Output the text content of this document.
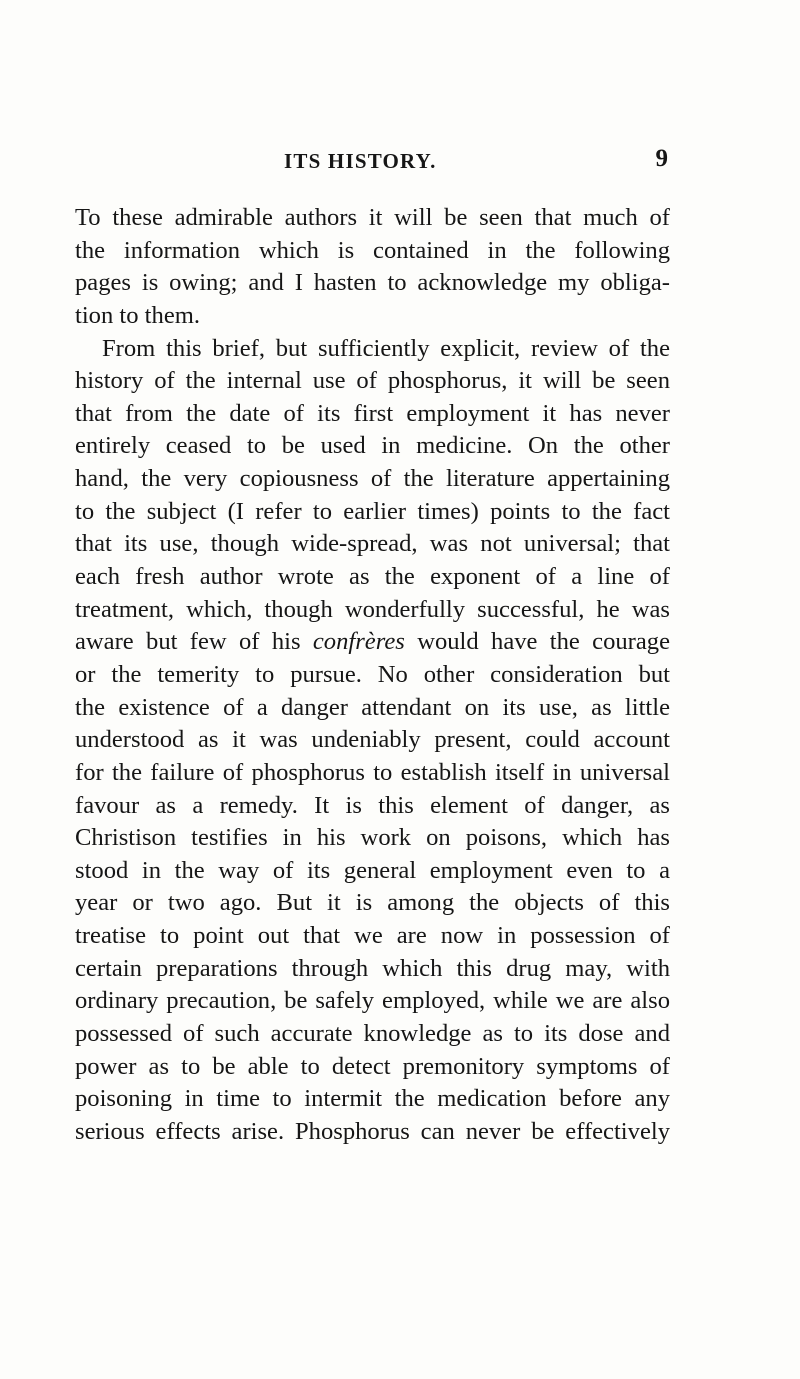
ITS HISTORY.	9
To these admirable authors it will be seen that much of
the information which is contained in the following
pages is owing; and I hasten to acknowledge my obliga-
tion to them.
From this brief, but sufficiently explicit, review of the
history of the internal use of phosphorus, it will be seen
that from the date of its first employment it has never
entirely ceased to be used in medicine. On the other
hand, the very copiousness of the literature appertaining
to the subject (I refer to earlier times) points to the fact
that its use, though wide-spread, was not universal; that
each fresh author wrote as the exponent of a line of
treatment, which, though wonderfully successful, he was
aware but few of his confrères would have the courage
or the temerity to pursue. No other consideration but
the existence of a danger attendant on its use, as little
understood as it was undeniably present, could account
for the failure of phosphorus to establish itself in universal
favour as a remedy. It is this element of danger, as
Christison testifies in his work on poisons, which has
stood in the way of its general employment even to a
year or two ago. But it is among the objects of this
treatise to point out that we are now in possession of
certain preparations through which this drug may, with
ordinary precaution, be safely employed, while we are also
possessed of such accurate knowledge as to its dose and
power as to be able to detect premonitory symptoms of
poisoning in time to intermit the medication before any
serious effects arise. Phosphorus can never be effectively
